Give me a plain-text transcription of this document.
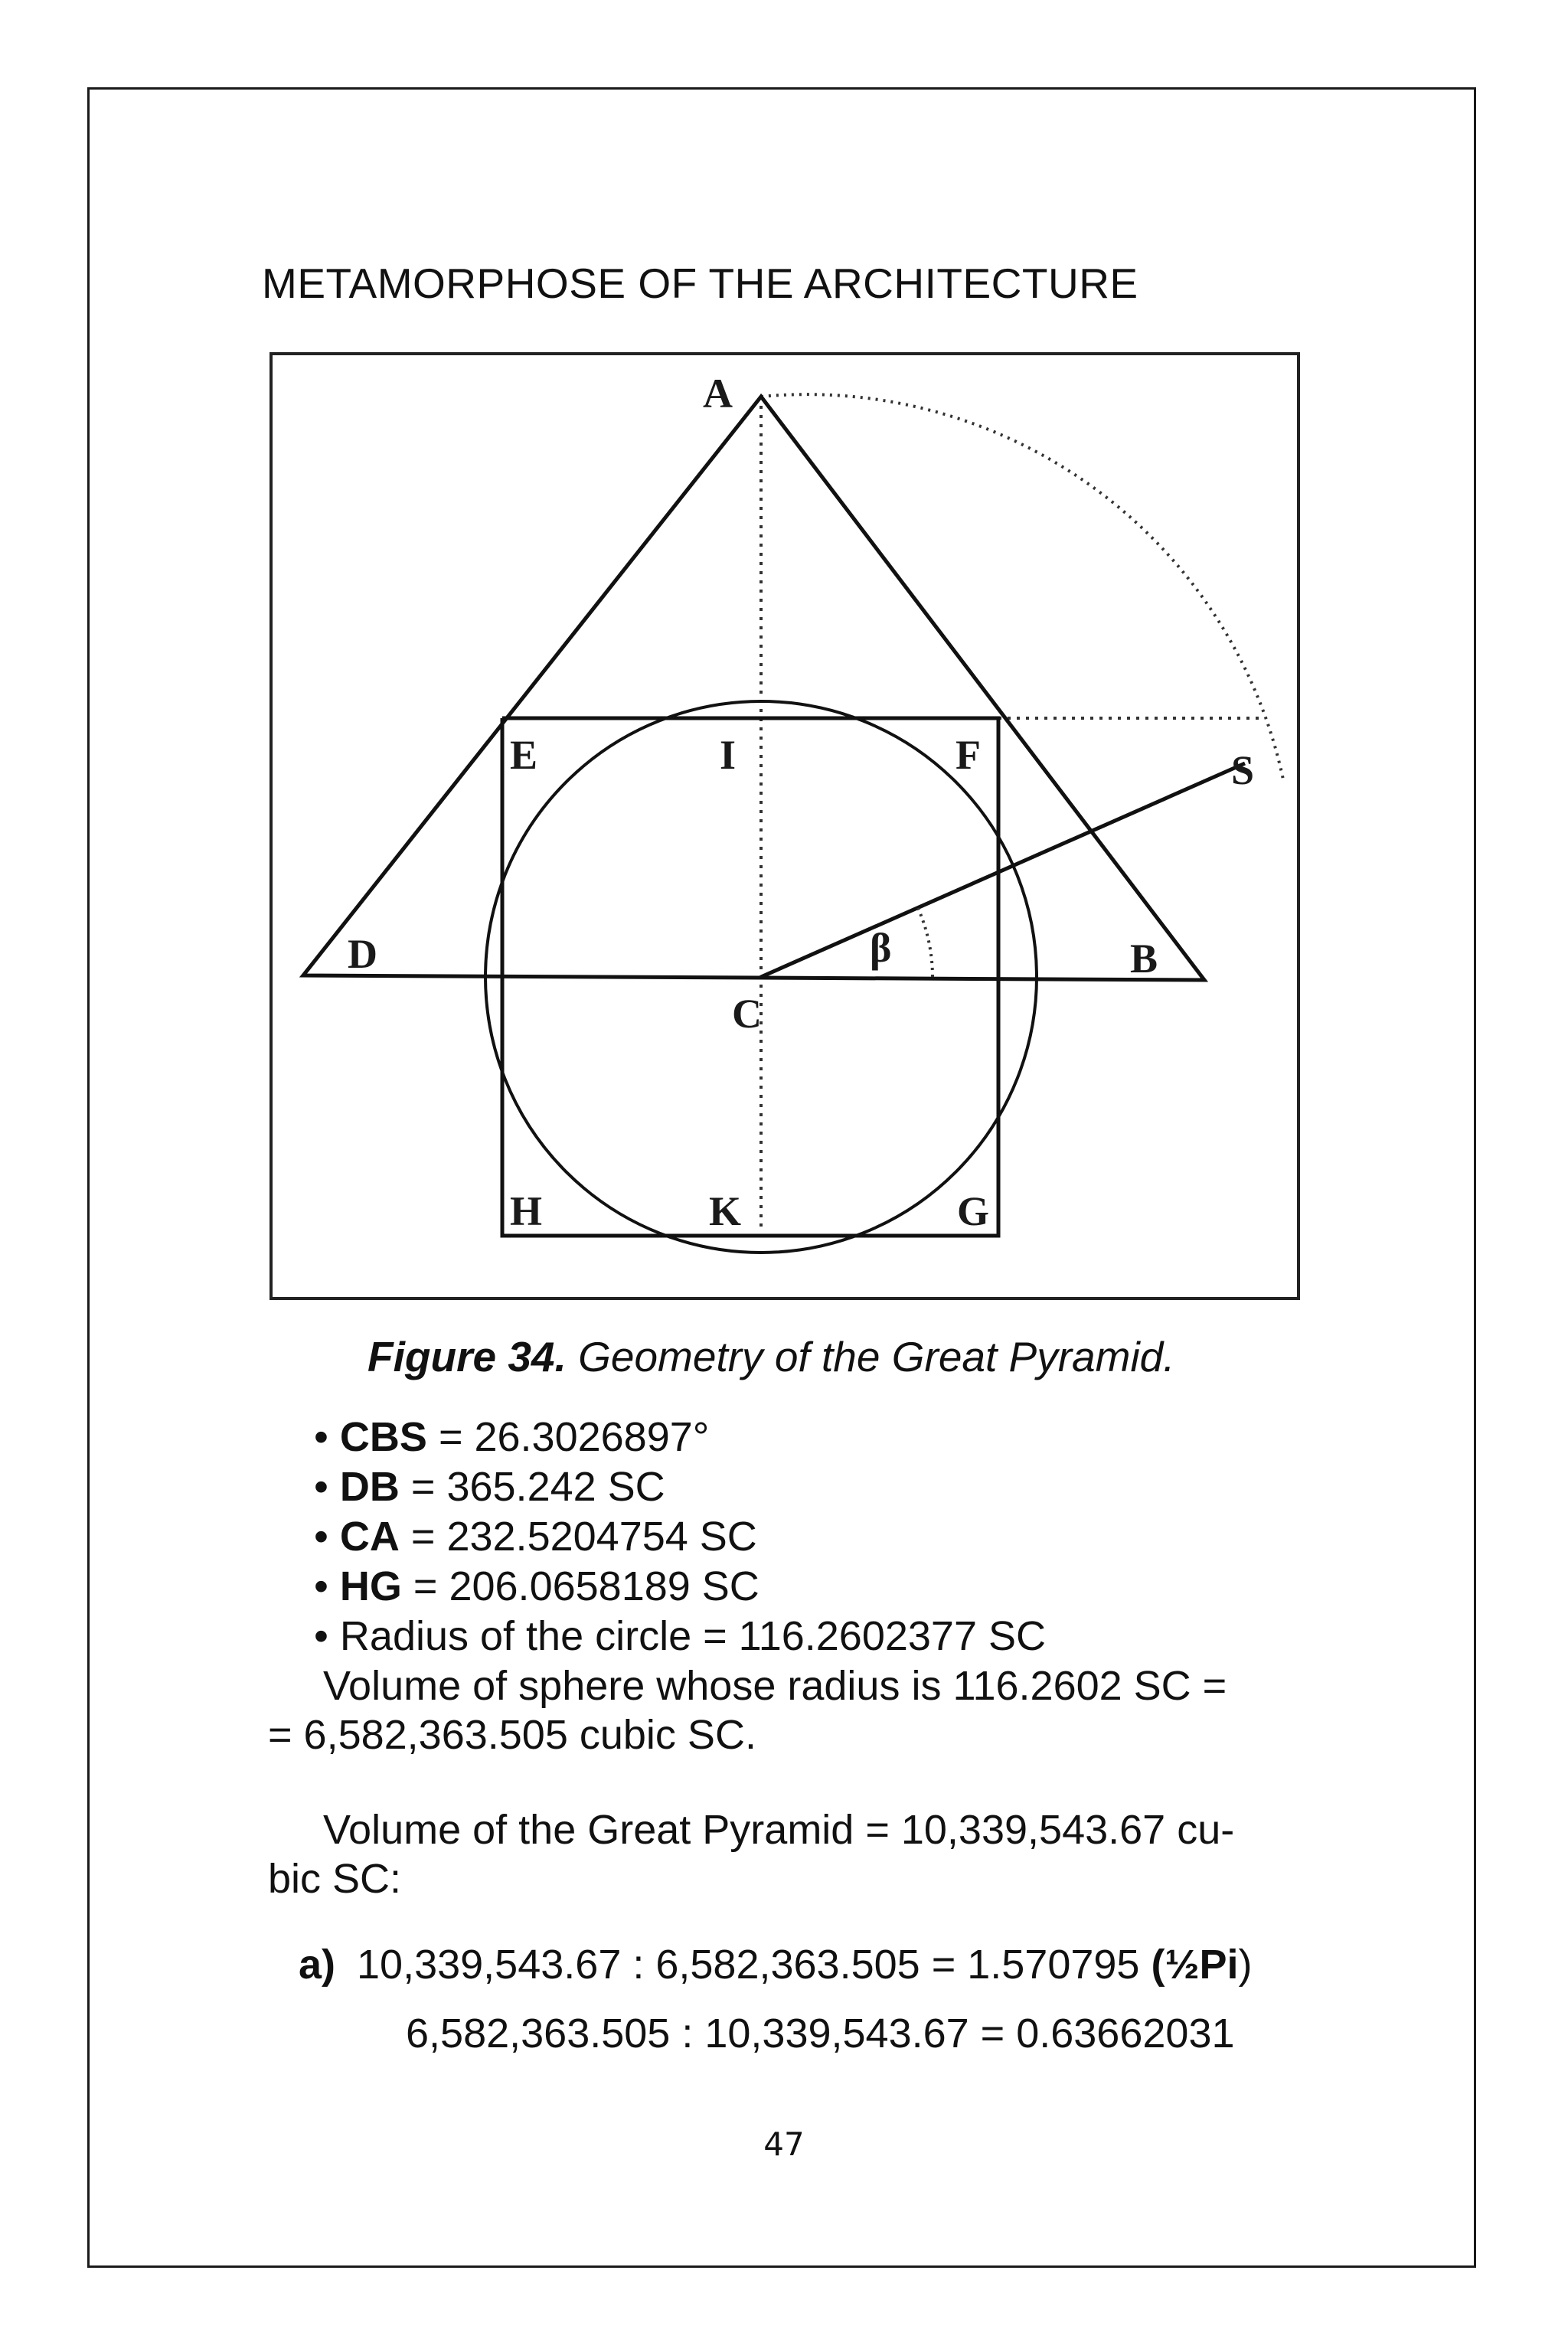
METAMORPHOSE OF THE ARCHITECTURE
A
E	I	F	S
D	β	B
C
H	K	G
Figure 34. Geometry of the Great Pyramid.
• CBS = 26.3026897°
• DB = 365.242 SC
• CA = 232.5204754 SC
• HG = 206.0658189 SC
• Radius of the circle = 116.2602377 SC
Volume of sphere whose radius is 116.2602 SC =
= 6,582,363.505 cubic SC.
Volume of the Great Pyramid = 10,339,543.67 cu-
bic SC:
a) 10,339,543.67 : 6,582,363.505 = 1.570795 (½Pi)
6,582,363.505 : 10,339,543.67 = 0.63662031
47
